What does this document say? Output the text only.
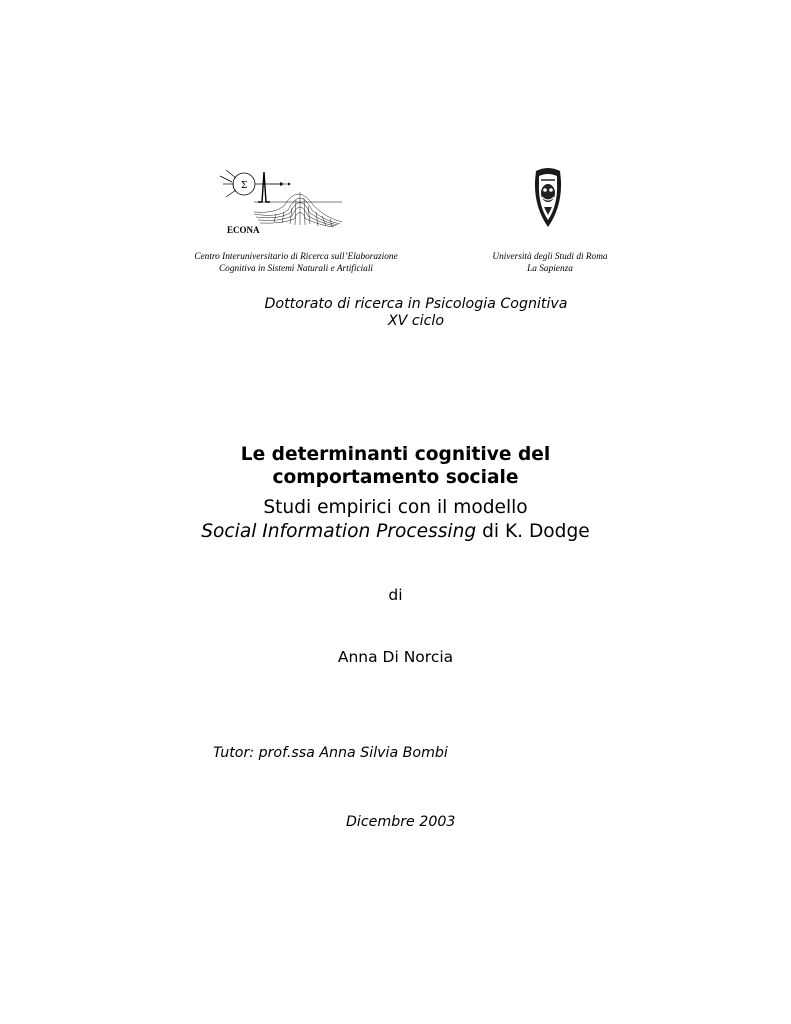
Σ
ECONA
Centro Interuniversitario di Ricerca sull’Elaborazione
Cognitiva in Sistemi Naturali e Artificiali
Università degli Studi di Roma
La Sapienza
Dottorato di ricerca in Psicologia Cognitiva
XV ciclo
Le determinanti cognitive del
comportamento sociale
Studi empirici con il modello
Social Information Processing di K. Dodge
di
Anna Di Norcia
Tutor: prof.ssa Anna Silvia Bombi
Dicembre 2003
